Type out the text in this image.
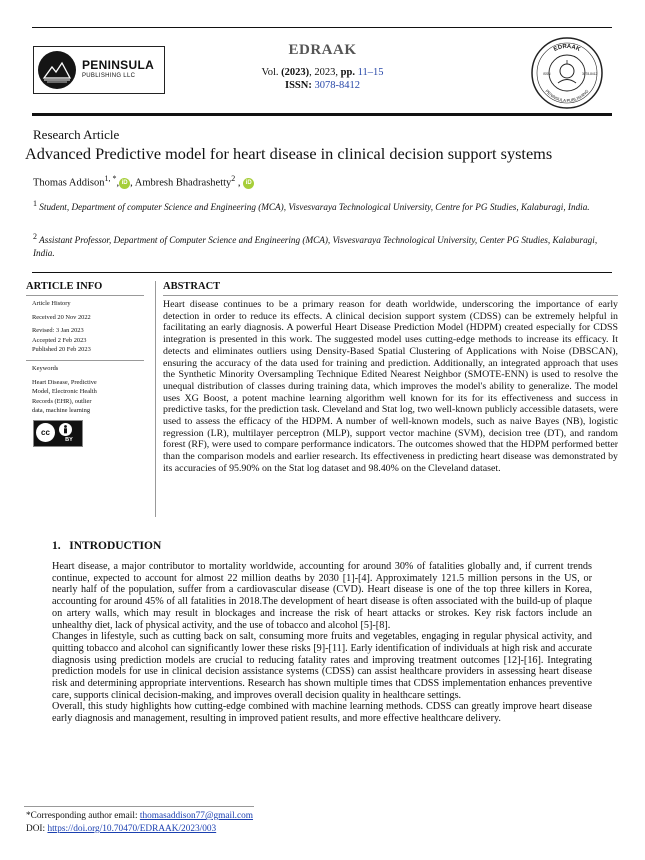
PENINSULA
PUBLISHING LLC
EDRAAK
Vol. (2023), 2023, pp. 11–15
ISSN: 3078-8412
EDRAAK
PENINSULA PUBLISHING
ISSN	3078-8412
Research Article
Advanced Predictive model for heart disease in clinical decision support systems
Thomas Addison$^{1, *}$, iD , Ambresh Bhadrashetty$^2$ , iD
$^1$ Student, Department of computer Science and Engineering (MCA), Visvesvaraya Technological University, Centre for PG Studies, Kalaburagi, India.
$^2$ Assistant Professor, Department of Computer Science and Engineering (MCA), Visvesvaraya Technological University, Center PG Studies, Kalaburagi, India.
ARTICLE INFO
Article History
Received 20 Nov 2022
Revised: 3 Jan 2023
Accepted 2 Feb 2023
Published 20 Feb 2023
Keywords
Heart Disease, Predictive
Model, Electronic Health
Records (EHR), outlier
data, machine learning
cc
BY
ABSTRACT
Heart disease continues to be a primary reason for death worldwide, underscoring the importance of early detection in order to reduce its effects. A clinical decision support system (CDSS) can be extremely helpful in facilitating an early diagnosis. A powerful Heart Disease Prediction Model (HDPM) created especially for CDSS integration is presented in this work. The suggested model uses cutting-edge methods to increase its efficacy. It detects and eliminates outliers using Density-Based Spatial Clustering of Applications with Noise (DBSCAN), ensuring the accuracy of the data used for training and prediction. Additionally, an integrated approach that uses the Synthetic Minority Oversampling Technique Edited Nearest Neighbor (SMOTE-ENN) is used to resolve the unequal distribution of classes during training data, which improves the model's ability to generalize. The model uses XG Boost, a potent machine learning algorithm well known for its for its effectiveness and success in predictive tasks, for the prediction task. Cleveland and Stat log, two well-known publicly accessible datasets, were used to assess the efficacy of the HDPM. A number of well-known models, such as naive Bayes (NB), logistic regression (LR), multilayer perceptron (MLP), support vector machine (SVM), decision tree (DT), and random forest (RF), were used to compare performance indicators. The outcomes showed that the HDPM performed better than the comparison models and earlier research. Its effectiveness in predicting heart disease was demonstrated by its accuracies of 95.90% on the Stat log dataset and 98.40% on the Cleveland dataset.
1.   INTRODUCTION

Heart disease, a major contributor to mortality worldwide, accounting for around 30% of fatalities globally and, if current trends continue, expected to account for almost 22 million deaths by 2030 [1]-[4]. Approximately 121.5 million persons in the US, or nearly half of the population, suffer from a cardiovascular disease (CVD). Heart disease is one of the top three killers in Korea, accounting for around 45% of all fatalities in 2018.The development of heart disease is often associated with the build-up of plaque on artery walls, which may result in blockages and increase the risk of heart attacks or strokes. Key risk factors include an unhealthy diet, lack of physical activity, and the use of tobacco and alcohol [5]-[8].

Changes in lifestyle, such as cutting back on salt, consuming more fruits and vegetables, engaging in regular physical activity, and quitting tobacco and alcohol can significantly lower these risks [9]-[11]. Early identification of individuals at high risk and accurate diagnosis using prediction models are crucial to reducing fatality rates and improving treatment outcomes [12]-[16]. Integrating prediction models for use in clinical decision assistance systems (CDSS) can assist healthcare providers in assessing heart disease risk and determining appropriate interventions. Research has shown multiple times that CDSS implementation enhances preventive care, supports clinical decision-making, and improves overall decision quality in healthcare settings.

Overall, this study highlights how cutting-edge combined with machine learning methods. CDSS can greatly improve heart disease early diagnosis and management, resulting in improved patient results, and more effective healthcare delivery.

*Corresponding author email: thomasaddison77@gmail.com
DOI: https://doi.org/10.70470/EDRAAK/2023/003
